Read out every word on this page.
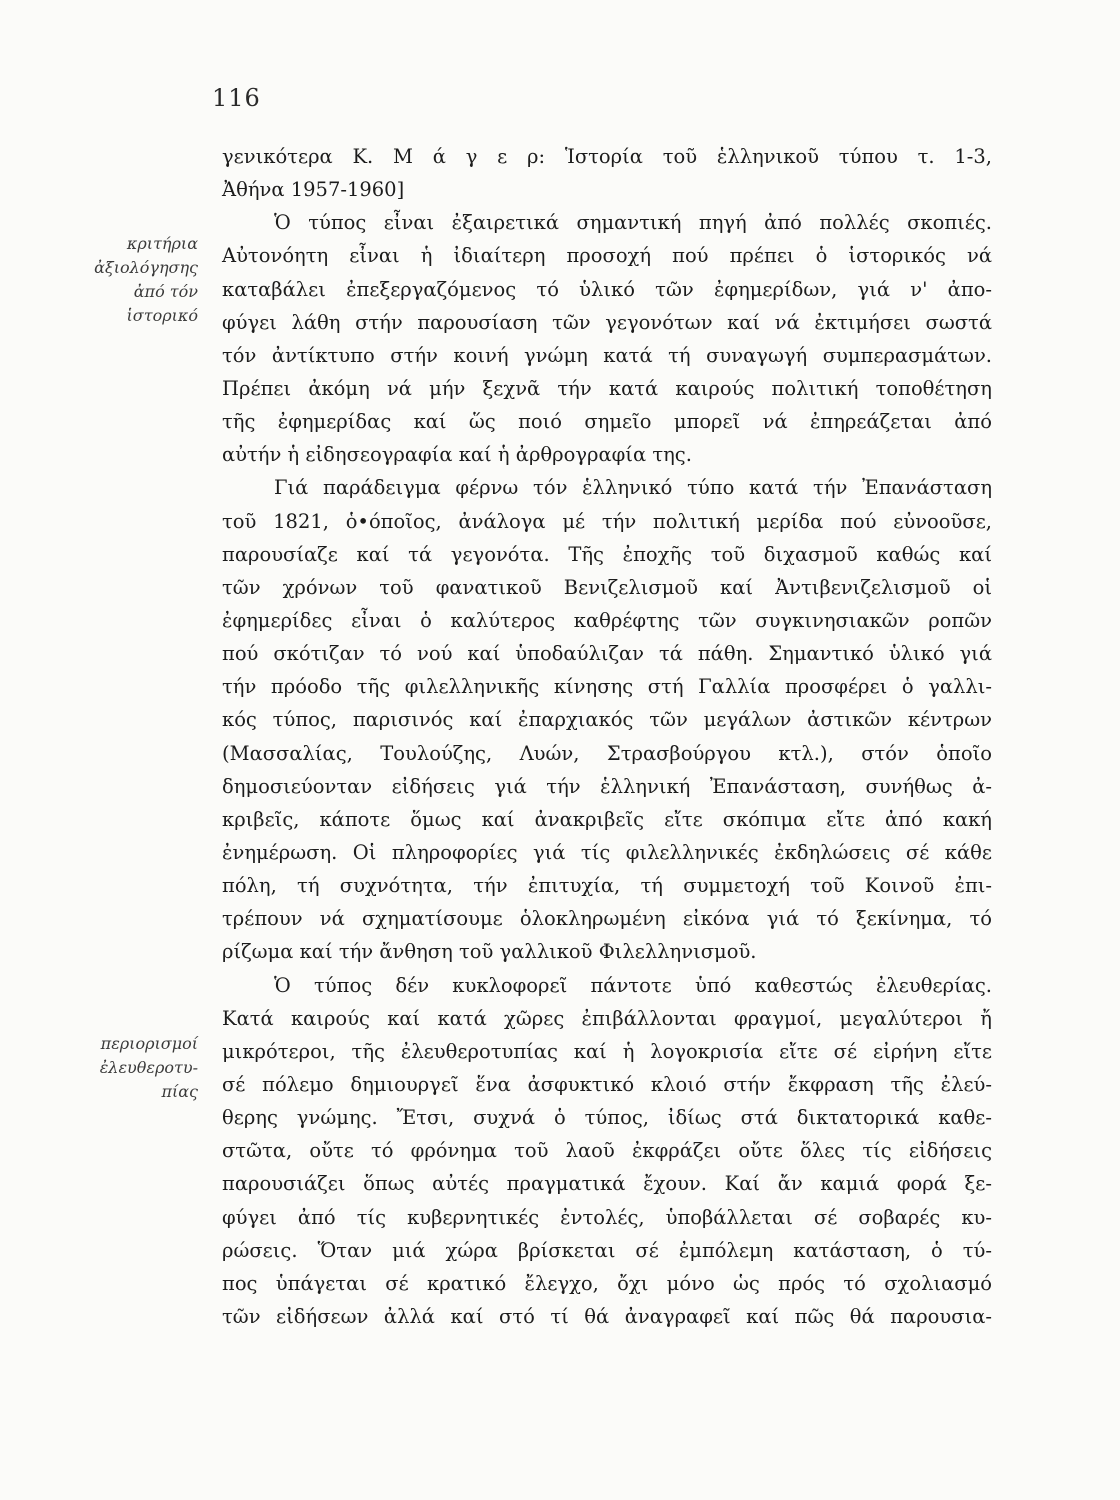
116
κριτήρια
ἀξιολόγησης
ἀπό τόν
ἱστορικό
περιορισμοί
ἐλευθεροτυ-
πίας
γενικότερα Κ. Μ ά γ ε ρ: Ἱστορία τοῦ ἑλληνικοῦ τύπου τ. 1-3,
Ἀθήνα 1957-1960]
Ὁ τύπος εἶναι ἐξαιρετικά σημαντική πηγή ἀπό πολλές σκοπιές.
Αὐτονόητη εἶναι ἡ ἰδιαίτερη προσοχή πού πρέπει ὁ ἱστορικός νά
καταβάλει ἐπεξεργαζόμενος τό ὑλικό τῶν ἐφημερίδων, γιά ν' ἀπο-
φύγει λάθη στήν παρουσίαση τῶν γεγονότων καί νά ἐκτιμήσει σωστά
τόν ἀντίκτυπο στήν κοινή γνώμη κατά τή συναγωγή συμπερασμάτων.
Πρέπει ἀκόμη νά μήν ξεχνᾶ τήν κατά καιρούς πολιτική τοποθέτηση
τῆς ἐφημερίδας καί ὥς ποιό σημεῖο μπορεῖ νά ἐπηρεάζεται ἀπό
αὐτήν ἡ εἰδησεογραφία καί ἡ ἀρθρογραφία της.
Γιά παράδειγμα φέρνω τόν ἑλληνικό τύπο κατά τήν Ἐπανάσταση
τοῦ 1821, ὁ•όποῖος, ἀνάλογα μέ τήν πολιτική μερίδα πού εὐνοοῦσε,
παρουσίαζε καί τά γεγονότα. Τῆς ἐποχῆς τοῦ διχασμοῦ καθώς καί
τῶν χρόνων τοῦ φανατικοῦ Βενιζελισμοῦ καί Ἀντιβενιζελισμοῦ οἱ
ἐφημερίδες εἶναι ὁ καλύτερος καθρέφτης τῶν συγκινησιακῶν ροπῶν
πού σκότιζαν τό νού καί ὑποδαύλιζαν τά πάθη. Σημαντικό ὑλικό γιά
τήν πρόοδο τῆς φιλελληνικῆς κίνησης στή Γαλλία προσφέρει ὁ γαλλι-
κός τύπος, παρισινός καί ἐπαρχιακός τῶν μεγάλων ἀστικῶν κέντρων
(Μασσαλίας, Τουλούζης, Λυών, Στρασβούργου κτλ.), στόν ὁποῖο
δημοσιεύονταν εἰδήσεις γιά τήν ἑλληνική Ἐπανάσταση, συνήθως ἀ-
κριβεῖς, κάποτε ὅμως καί ἀνακριβεῖς εἴτε σκόπιμα εἴτε ἀπό κακή
ἐνημέρωση. Οἱ πληροφορίες γιά τίς φιλελληνικές ἐκδηλώσεις σέ κάθε
πόλη, τή συχνότητα, τήν ἐπιτυχία, τή συμμετοχή τοῦ Κοινοῦ ἐπι-
τρέπουν νά σχηματίσουμε ὁλοκληρωμένη εἰκόνα γιά τό ξεκίνημα, τό
ρίζωμα καί τήν ἄνθηση τοῦ γαλλικοῦ Φιλελληνισμοῦ.
Ὁ τύπος δέν κυκλοφορεῖ πάντοτε ὑπό καθεστώς ἐλευθερίας.
Κατά καιρούς καί κατά χῶρες ἐπιβάλλονται φραγμοί, μεγαλύτεροι ἤ
μικρότεροι, τῆς ἐλευθεροτυπίας καί ἡ λογοκρισία εἴτε σέ εἰρήνη εἴτε
σέ πόλεμο δημιουργεῖ ἕνα ἀσφυκτικό κλοιό στήν ἔκφραση τῆς ἐλεύ-
θερης γνώμης. Ἔτσι, συχνά ὁ τύπος, ἰδίως στά δικτατορικά καθε-
στῶτα, οὔτε τό φρόνημα τοῦ λαοῦ ἐκφράζει οὔτε ὅλες τίς εἰδήσεις
παρουσιάζει ὅπως αὐτές πραγματικά ἔχουν. Καί ἄν καμιά φορά ξε-
φύγει ἀπό τίς κυβερνητικές ἐντολές, ὑποβάλλεται σέ σοβαρές κυ-
ρώσεις. Ὅταν μιά χώρα βρίσκεται σέ ἐμπόλεμη κατάσταση, ὁ τύ-
πος ὑπάγεται σέ κρατικό ἔλεγχο, ὄχι μόνο ὡς πρός τό σχολιασμό
τῶν εἰδήσεων ἀλλά καί στό τί θά ἀναγραφεῖ καί πῶς θά παρουσια-
